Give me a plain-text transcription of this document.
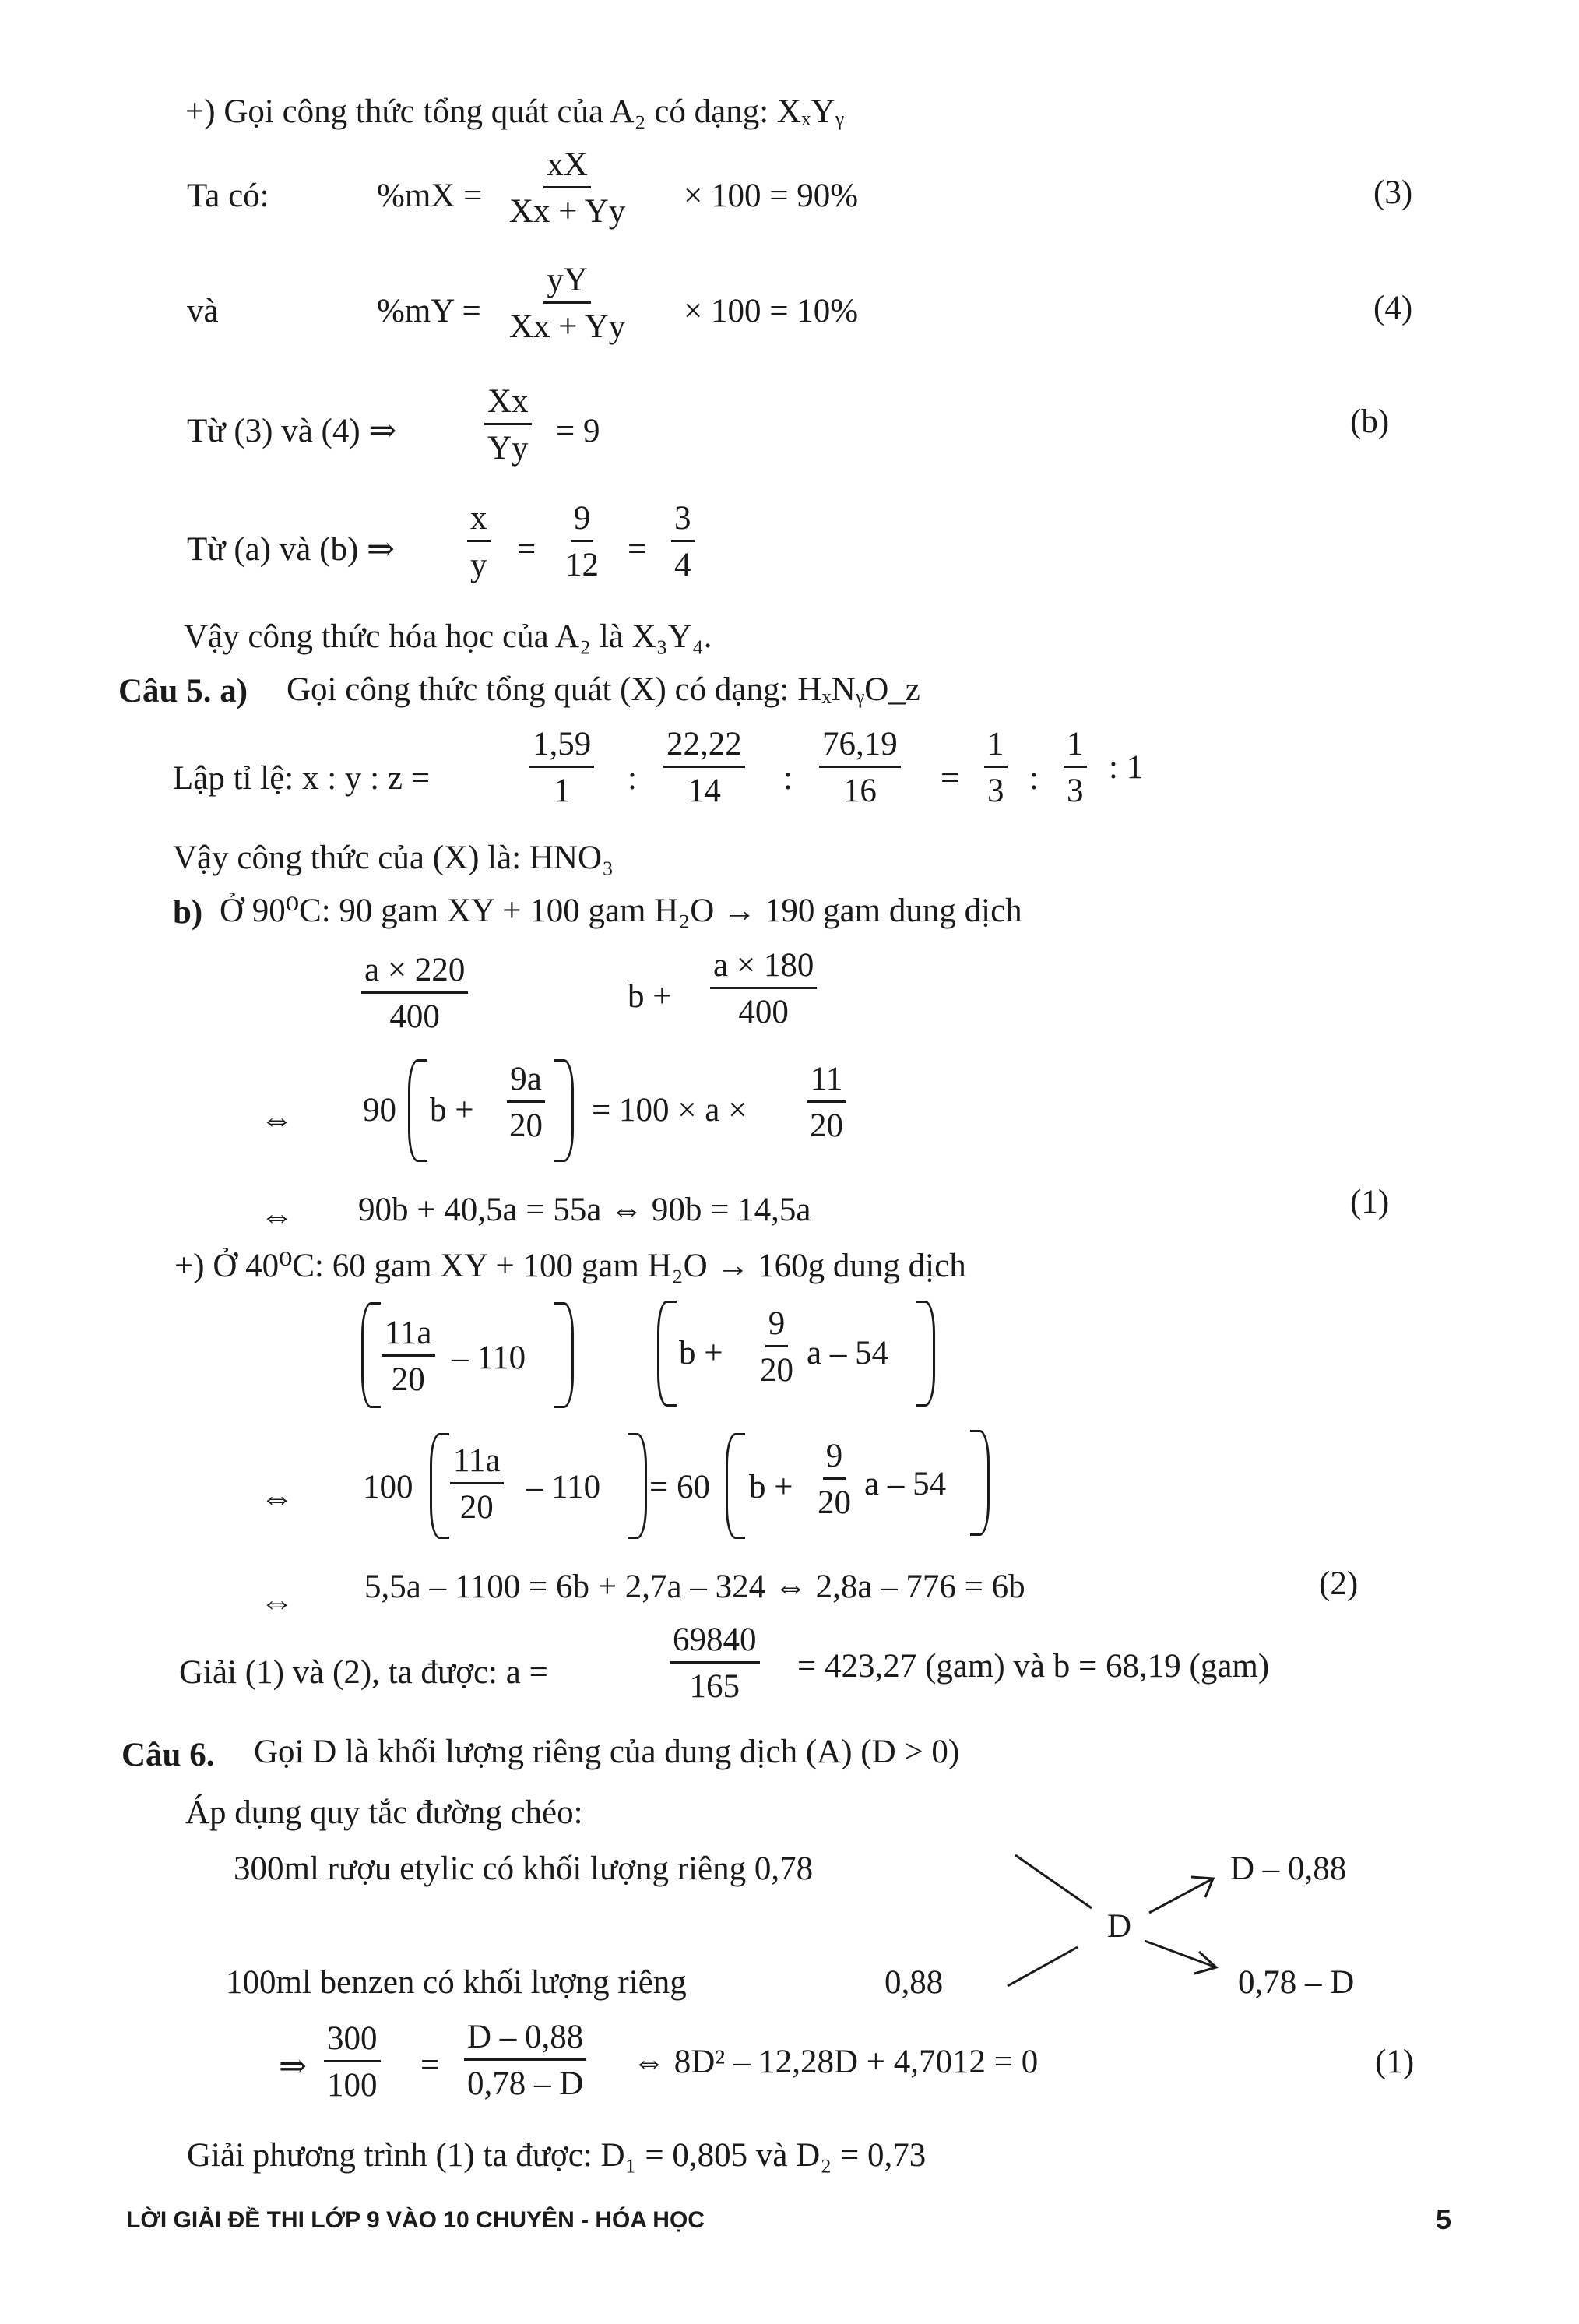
+) Gọi công thức tổng quát của A₂ có dạng: XₓYᵧ
Ta có:	$\%mX = \frac{xX}{Xx + Yy} \times 100 = 90\%$	(3)
và	$\%mY = \frac{yY}{Xx + Yy} \times 100 = 10\%$	(4)
Từ (3) và (4) ⇒	$\frac{Xx}{Yy} = 9$	(b)
Từ (a) và (b) ⇒
x
y =
9
12 =
3
4
Vậy công thức hóa học của A₂ là X₃Y₄.
Câu 5. a) Gọi công thức tổng quát (X) có dạng: HₓNᵧO_z
Lập tỉ lệ: x : y : z =
1,59
1 :
22,22
14 :
76,19
16 =
1
3 :
1
3
: 1
Vậy công thức của (X) là: HNO₃
b) Ở 90⁰C: 90 gam XY + 100 gam H₂O → 190 gam dung dịch
$\frac{a \times 220}{400}$	$b + \frac{a \times 180}{400}$
⇔ 90 $b + \frac{9a}{20} = 100 \times a \times \frac{11}{20}$
⇔ 90b + 40,5a = 55a ⇔ 90b = 14,5a	(1)
+) Ở 40⁰C: 60 gam XY + 100 gam H₂O → 160g dung dịch
$\frac{11a}{20} - 110$	$b + \frac{9}{20}$ a – 54
⇔ $100 \frac{11a}{20} - 110 = 60$ $b + \frac{9}{20}$ a – 54
⇔ 5,5a – 1100 = 6b + 2,7a – 324 ⇔ 2,8a – 776 = 6b	(2)
Giải (1) và (2), ta được: a =	$\frac{69840}{165} = 423,27$ (gam) và b = 68,19 (gam)
Câu 6. Gọi D là khối lượng riêng của dung dịch (A) (D > 0)
Áp dụng quy tắc đường chéo:
300ml rượu etylic có khối lượng riêng 0,78
100ml benzen có khối lượng riêng	0,88
D
D – 0,88
0,78 – D
⇒ $\frac{300}{100} = \frac{D - 0,88}{0,78 - D}$ ⇔ 8D² – 12,28D + 4,7012 = 0	(1)
Giải phương trình (1) ta được: D₁ = 0,805 và D₂ = 0,73
LỜI GIẢI ĐỀ THI LỚP 9 VÀO 10 CHUYÊN - HÓA HỌC	5
